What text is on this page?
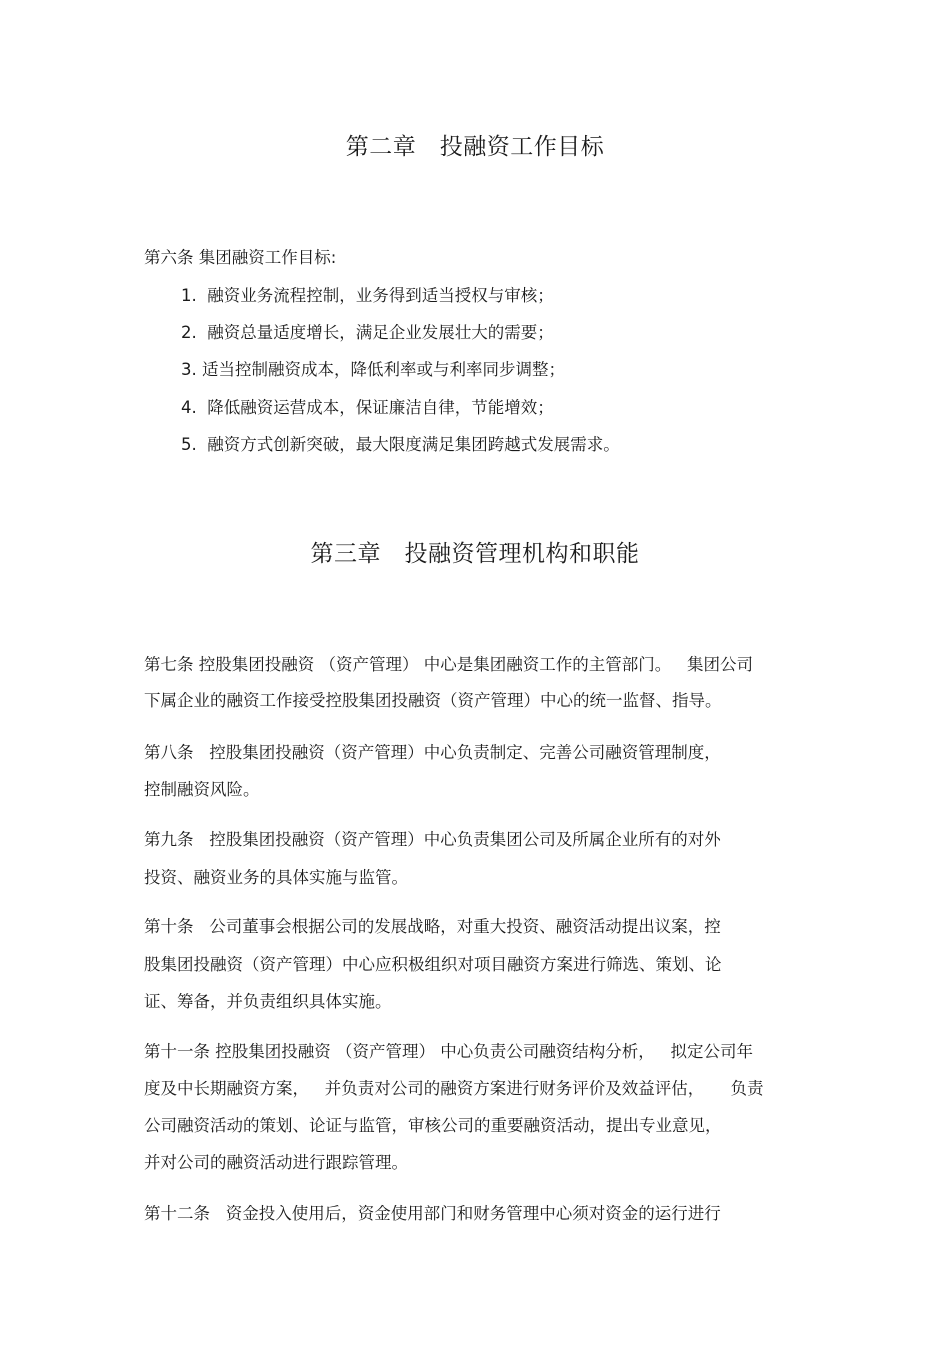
第二章　投融资工作目标

第六条 集团融资工作目标:

1.  融资业务流程控制，业务得到适当授权与审核；

2.  融资总量适度增长，满足企业发展壮大的需要；

3. 适当控制融资成本，降低利率或与利率同步调整；

4.  降低融资运营成本，保证廉洁自律，节能增效；

5.  融资方式创新突破，最大限度满足集团跨越式发展需求。

第三章　投融资管理机构和职能

第七条 控股集团投融资 （资产管理） 中心是集团融资工作的主管部门。   集团公司

下属企业的融资工作接受控股集团投融资（资产管理）中心的统一监督、指导。

第八条   控股集团投融资（资产管理）中心负责制定、完善公司融资管理制度，

控制融资风险。

第九条   控股集团投融资（资产管理）中心负责集团公司及所属企业所有的对外

投资、融资业务的具体实施与监管。

第十条   公司董事会根据公司的发展战略，对重大投资、融资活动提出议案，控

股集团投融资（资产管理）中心应积极组织对项目融资方案进行筛选、策划、论

证、筹备，并负责组织具体实施。

第十一条 控股集团投融资 （资产管理） 中心负责公司融资结构分析，   拟定公司年

度及中长期融资方案，   并负责对公司的融资方案进行财务评价及效益评估，     负责

公司融资活动的策划、论证与监管，审核公司的重要融资活动，提出专业意见，

并对公司的融资活动进行跟踪管理。

第十二条   资金投入使用后，资金使用部门和财务管理中心须对资金的运行进行
